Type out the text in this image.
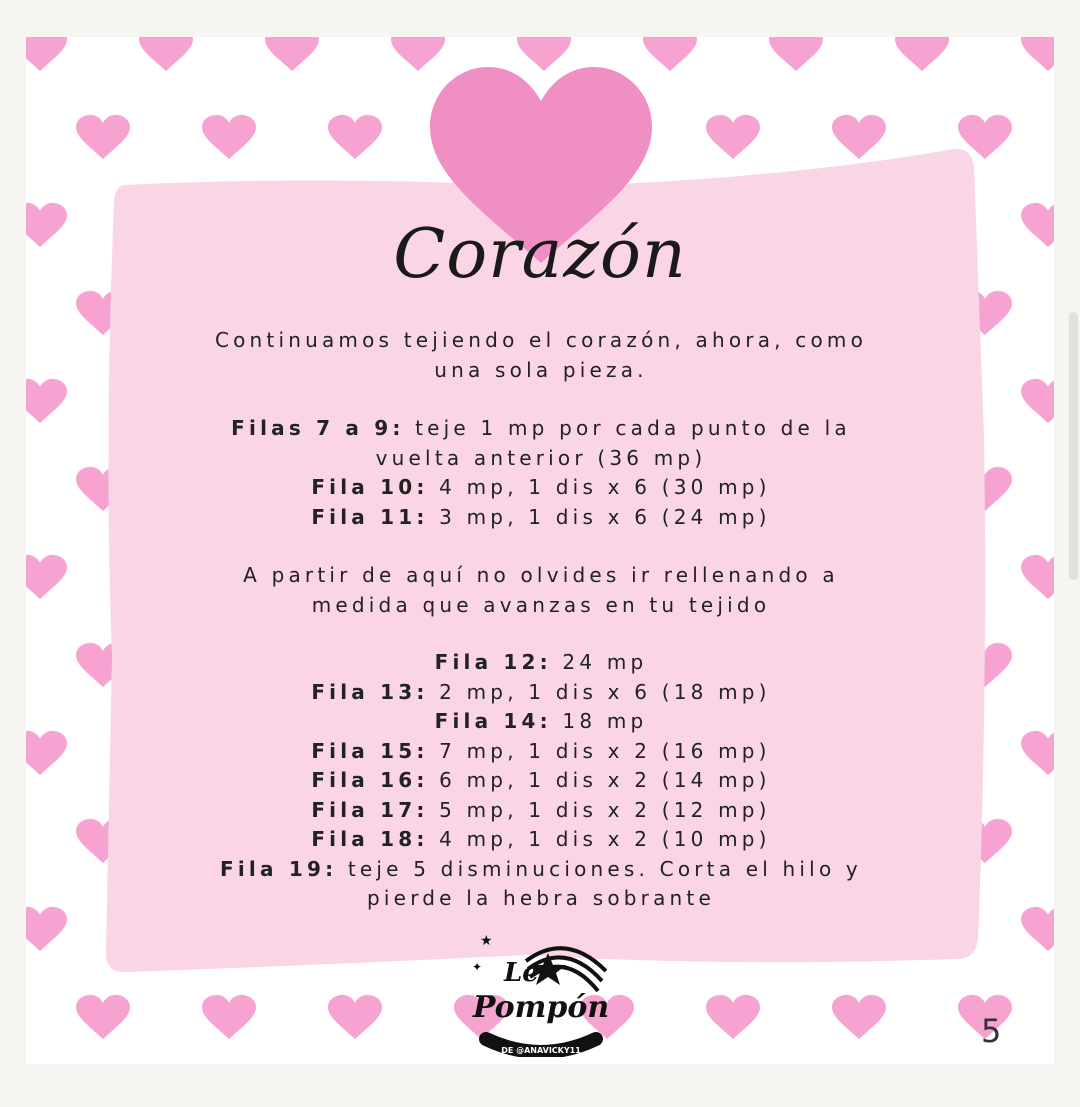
Corazón
Continuamos tejiendo el corazón, ahora, como
una sola pieza.
Filas 7 a 9: teje 1 mp por cada punto de la
vuelta anterior (36 mp)
Fila 10: 4 mp, 1 dis x 6 (30 mp)
Fila 11: 3 mp, 1 dis x 6 (24 mp)
A partir de aquí no olvides ir rellenando a
medida que avanzas en tu tejido
Fila 12: 24 mp
Fila 13: 2 mp, 1 dis x 6 (18 mp)
Fila 14: 18 mp
Fila 15: 7 mp, 1 dis x 2 (16 mp)
Fila 16: 6 mp, 1 dis x 2 (14 mp)
Fila 17: 5 mp, 1 dis x 2 (12 mp)
Fila 18: 4 mp, 1 dis x 2 (10 mp)
Fila 19: teje 5 disminuciones. Corta el hilo y
pierde la hebra sobrante
★
✦ Le
Pompón
DE @ANAVICKY11
5
